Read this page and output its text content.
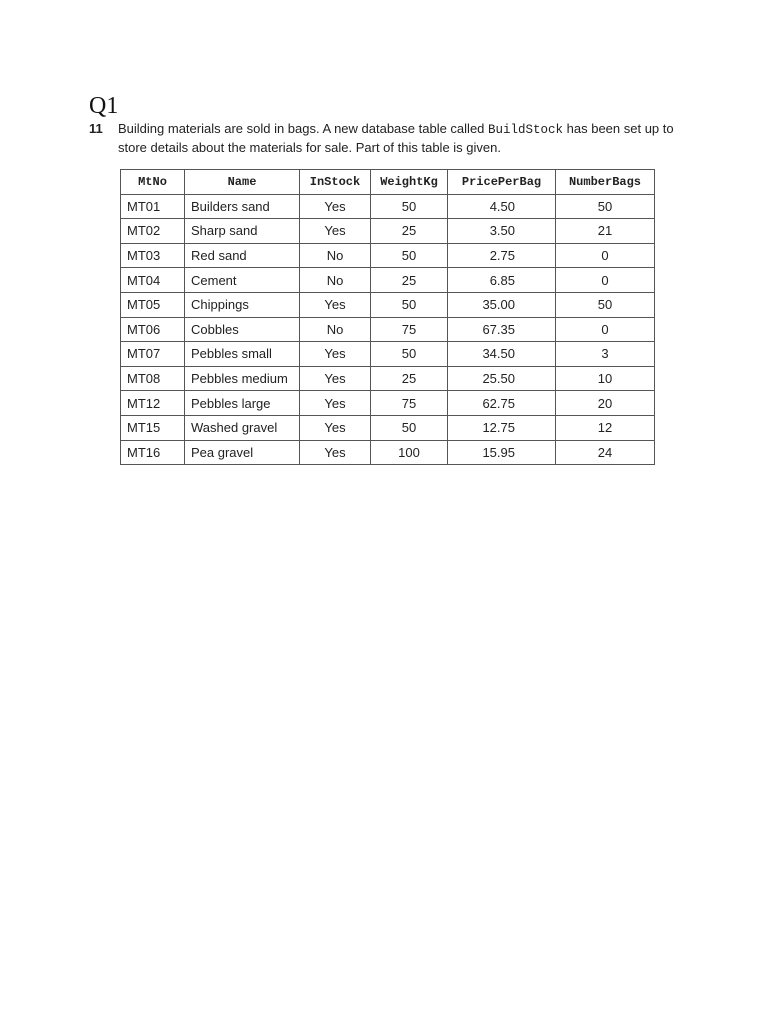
Q1
11 Building materials are sold in bags. A new database table called BuildStock has been set up to
store details about the materials for sale. Part of this table is given.
MtNo	Name	InStock	WeightKg	PricePerBag	NumberBags
MT01	Builders sand	Yes	50	4.50	50
MT02	Sharp sand	Yes	25	3.50	21
MT03	Red sand	No	50	2.75	0
MT04	Cement	No	25	6.85	0
MT05	Chippings	Yes	50	35.00	50
MT06	Cobbles	No	75	67.35	0
MT07	Pebbles small	Yes	50	34.50	3
MT08	Pebbles medium	Yes	25	25.50	10
MT12	Pebbles large	Yes	75	62.75	20
MT15	Washed gravel	Yes	50	12.75	12
MT16	Pea gravel	Yes	100	15.95	24
